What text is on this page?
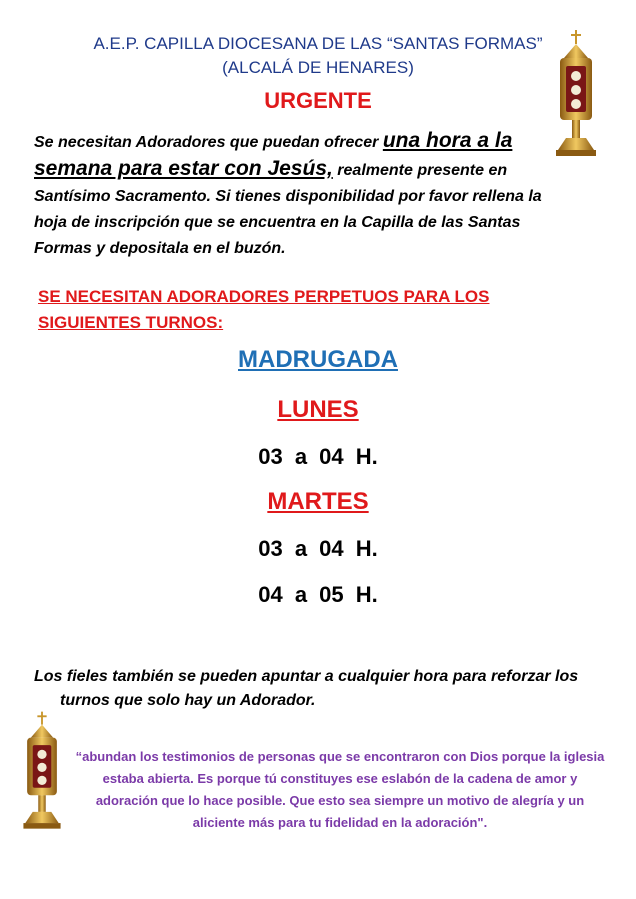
A.E.P. CAPILLA DIOCESANA DE LAS “SANTAS FORMAS”
(ALCALÁ DE HENARES)
URGENTE
Se necesitan Adoradores que puedan ofrecer una hora a la semana para estar con Jesús, realmente presente en Santísimo Sacramento. Si tienes disponibilidad por favor rellena la hoja de inscripción que se encuentra en la Capilla de las Santas Formas y depositala en el buzón.
SE NECESITAN ADORADORES PERPETUOS PARA LOS SIGUIENTES TURNOS:
MADRUGADA
LUNES
03 a 04 H.
MARTES
03 a 04 H.
04 a 05 H.
Los fieles también se pueden apuntar a cualquier hora para reforzar los
turnos que solo hay un Adorador.
“abundan los testimonios de personas que se encontraron con Dios porque la iglesia estaba abierta. Es porque tú constituyes ese eslabón de la cadena de amor y adoración que lo hace posible. Que esto sea siempre un motivo de alegría y un aliciente más para tu fidelidad en la adoración".
